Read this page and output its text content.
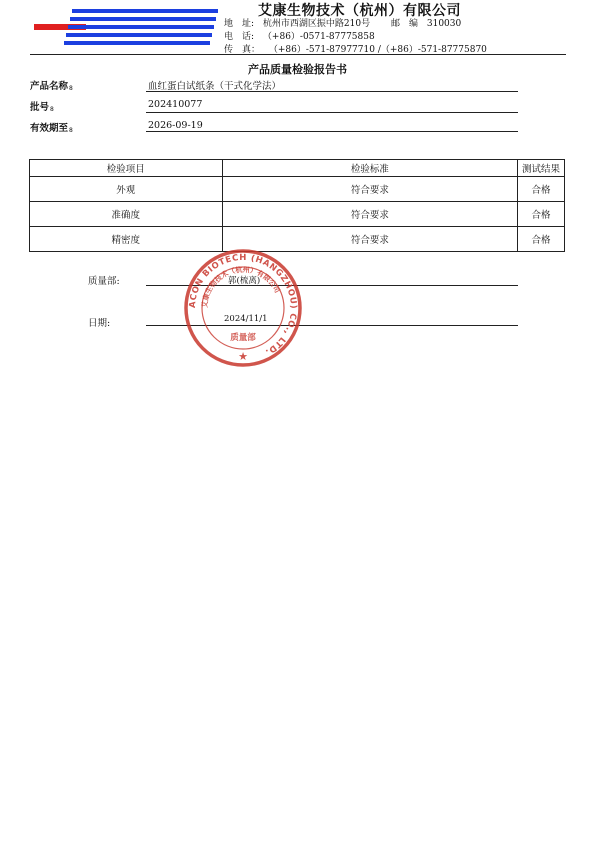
艾康生物技术（杭州）有限公司
地　址: 杭州市西湖区振中路210号 邮　编 310030
电　话: （+86）-0571-87775858
传　真： （+86）-571-87977710 /（+86）-571-87775870
产品质量检验报告书
产品名称8	血红蛋白试纸条（干式化学法）
批号8	202410077
有效期至8	2026-09-19
检验项目	检验标准	测试结果
外观	符合要求	合格
准确度	符合要求	合格
精密度	符合要求	合格
质量部:	郭(梳离)
日期:	2024/11/1
ACON BIOTECH (HANGZHOU) CO., LTD.
艾康生物技术（杭州）有限公司
质量部
★
